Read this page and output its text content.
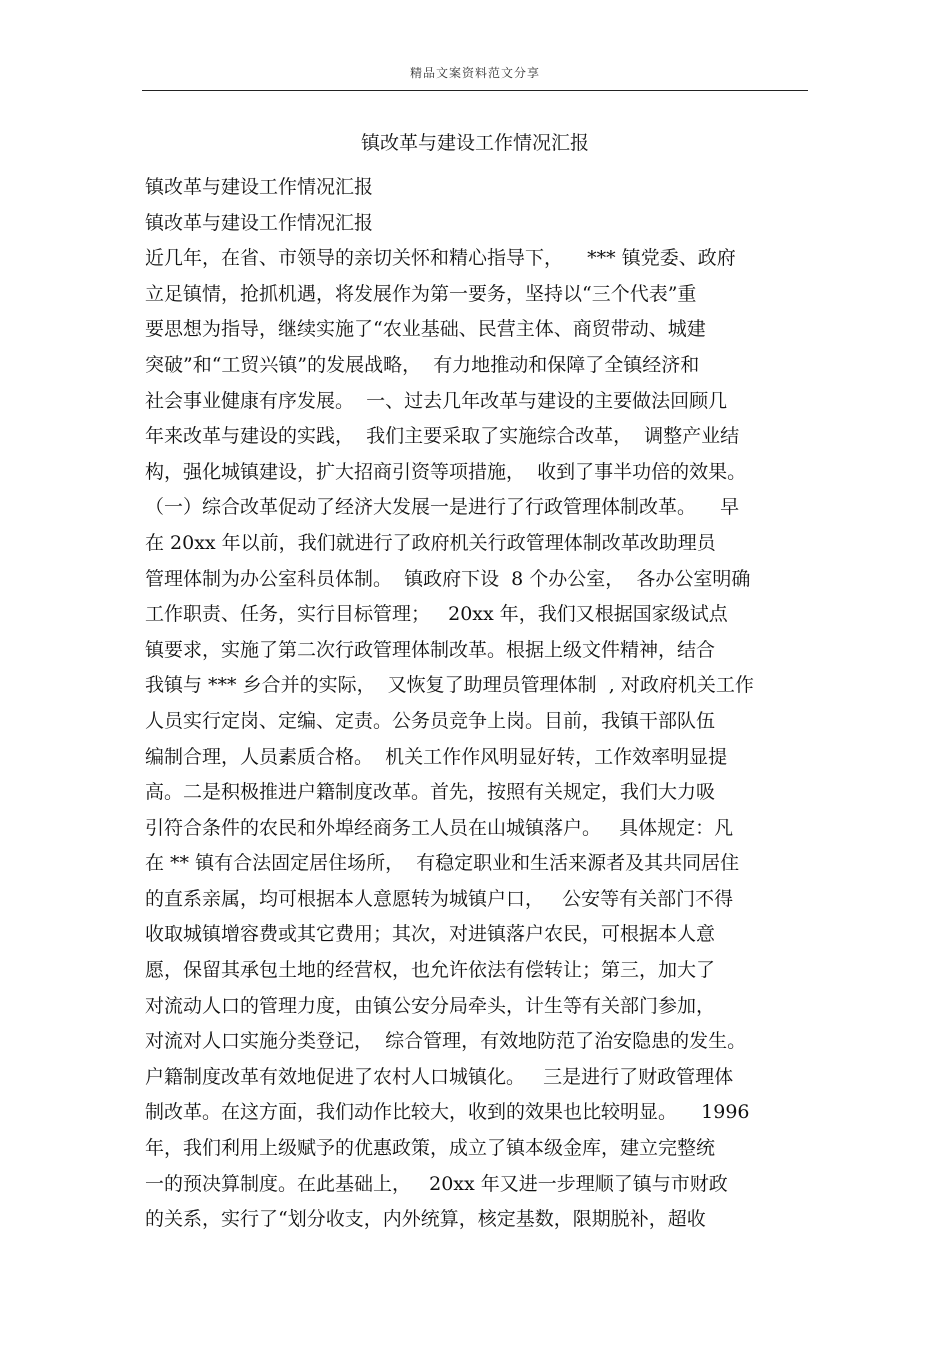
精品文案资料范文分享
镇改革与建设工作情况汇报
镇改革与建设工作情况汇报
镇改革与建设工作情况汇报
近几年，在省、市领导的亲切关怀和精心指导下，    *** 镇党委、政府
立足镇情，抢抓机遇，将发展作为第一要务，坚持以“三个代表”重
要思想为指导，继续实施了“农业基础、民营主体、商贸带动、城建
突破”和“工贸兴镇”的发展战略，  有力地推动和保障了全镇经济和
社会事业健康有序发展。  一、过去几年改革与建设的主要做法回顾几
年来改革与建设的实践，  我们主要采取了实施综合改革，  调整产业结
构，强化城镇建设，扩大招商引资等项措施，  收到了事半功倍的效果。
（一）综合改革促动了经济大发展一是进行了行政管理体制改革。    早
在 20xx 年以前，我们就进行了政府机关行政管理体制改革改助理员
管理体制为办公室科员体制。  镇政府下设  8 个办公室，  各办公室明确
工作职责、任务，实行目标管理；   20xx 年，我们又根据国家级试点
镇要求，实施了第二次行政管理体制改革。根据上级文件精神，结合
我镇与 *** 乡合并的实际，  又恢复了助理员管理体制  , 对政府机关工作
人员实行定岗、定编、定责。公务员竞争上岗。目前，我镇干部队伍
编制合理，人员素质合格。  机关工作作风明显好转，工作效率明显提
高。二是积极推进户籍制度改革。首先，按照有关规定，我们大力吸
引符合条件的农民和外埠经商务工人员在山城镇落户。   具体规定：凡
在 ** 镇有合法固定居住场所，  有稳定职业和生活来源者及其共同居住
的直系亲属，均可根据本人意愿转为城镇户口，   公安等有关部门不得
收取城镇增容费或其它费用；其次，对进镇落户农民，可根据本人意
愿，保留其承包土地的经营权，也允许依法有偿转让；第三，加大了
对流动人口的管理力度，由镇公安分局牵头，计生等有关部门参加，
对流对人口实施分类登记，  综合管理，有效地防范了治安隐患的发生。
户籍制度改革有效地促进了农村人口城镇化。   三是进行了财政管理体
制改革。在这方面，我们动作比较大，收到的效果也比较明显。    1996
年，我们利用上级赋予的优惠政策，成立了镇本级金库，建立完整统
一的预决算制度。在此基础上，   20xx 年又进一步理顺了镇与市财政
的关系，实行了“划分收支，内外统算，核定基数，限期脱补，超收
